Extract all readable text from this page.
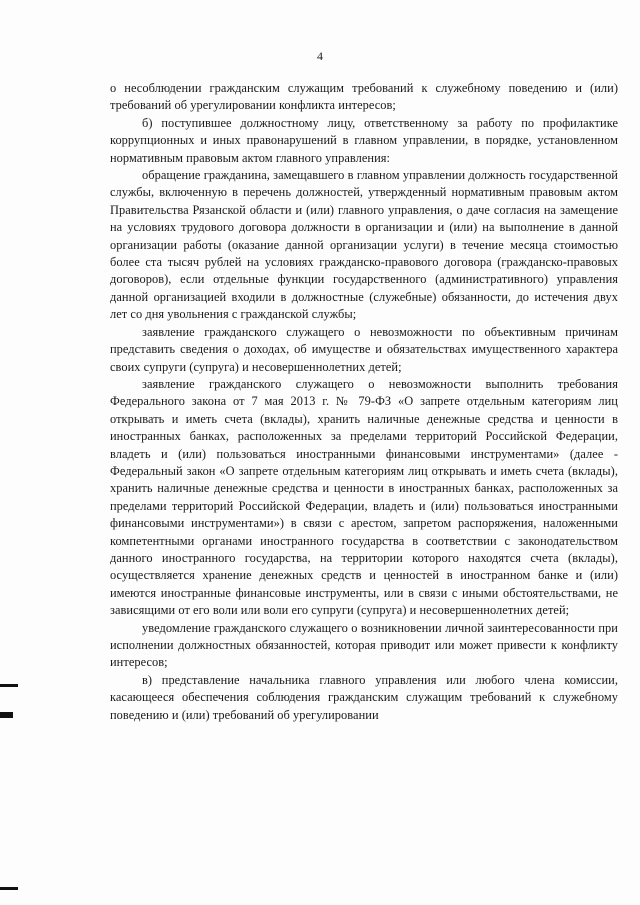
4

о несоблюдении гражданским служащим требований к служебному поведению и (или) требований об урегулировании конфликта интересов;

б) поступившее должностному лицу, ответственному за работу по профилактике коррупционных и иных правонарушений в главном управлении, в порядке, установленном нормативным правовым актом главного управления:

обращение гражданина, замещавшего в главном управлении должность государственной службы, включенную в перечень должностей, утвержденный нормативным правовым актом Правительства Рязанской области и (или) главного управления, о даче согласия на замещение на условиях трудового договора должности в организации и (или) на выполнение в данной организации работы (оказание данной организации услуги) в течение месяца стоимостью более ста тысяч рублей на условиях гражданско-правового договора (гражданско-правовых договоров), если отдельные функции государственного (административного) управления данной организацией входили в должностные (служебные) обязанности, до истечения двух лет со дня увольнения с гражданской службы;

заявление гражданского служащего о невозможности по объективным причинам представить сведения о доходах, об имуществе и обязательствах имущественного характера своих супруги (супруга) и несовершеннолетних детей;

заявление гражданского служащего о невозможности выполнить требования Федерального закона от 7 мая 2013 г. № 79-ФЗ «О запрете отдельным категориям лиц открывать и иметь счета (вклады), хранить наличные денежные средства и ценности в иностранных банках, расположенных за пределами территорий Российской Федерации, владеть и (или) пользоваться иностранными финансовыми инструментами» (далее - Федеральный закон «О запрете отдельным категориям лиц открывать и иметь счета (вклады), хранить наличные денежные средства и ценности в иностранных банках, расположенных за пределами территорий Российской Федерации, владеть и (или) пользоваться иностранными финансовыми инструментами») в связи с арестом, запретом распоряжения, наложенными компетентными органами иностранного государства в соответствии с законодательством данного иностранного государства, на территории которого находятся счета (вклады), осуществляется хранение денежных средств и ценностей в иностранном банке и (или) имеются иностранные финансовые инструменты, или в связи с иными обстоятельствами, не зависящими от его воли или воли его супруги (супруга) и несовершеннолетних детей;

уведомление гражданского служащего о возникновении личной заинтересованности при исполнении должностных обязанностей, которая приводит или может привести к конфликту интересов;

в) представление начальника главного управления или любого члена комиссии, касающееся обеспечения соблюдения гражданским служащим требований к служебному поведению и (или) требований об урегулировании
